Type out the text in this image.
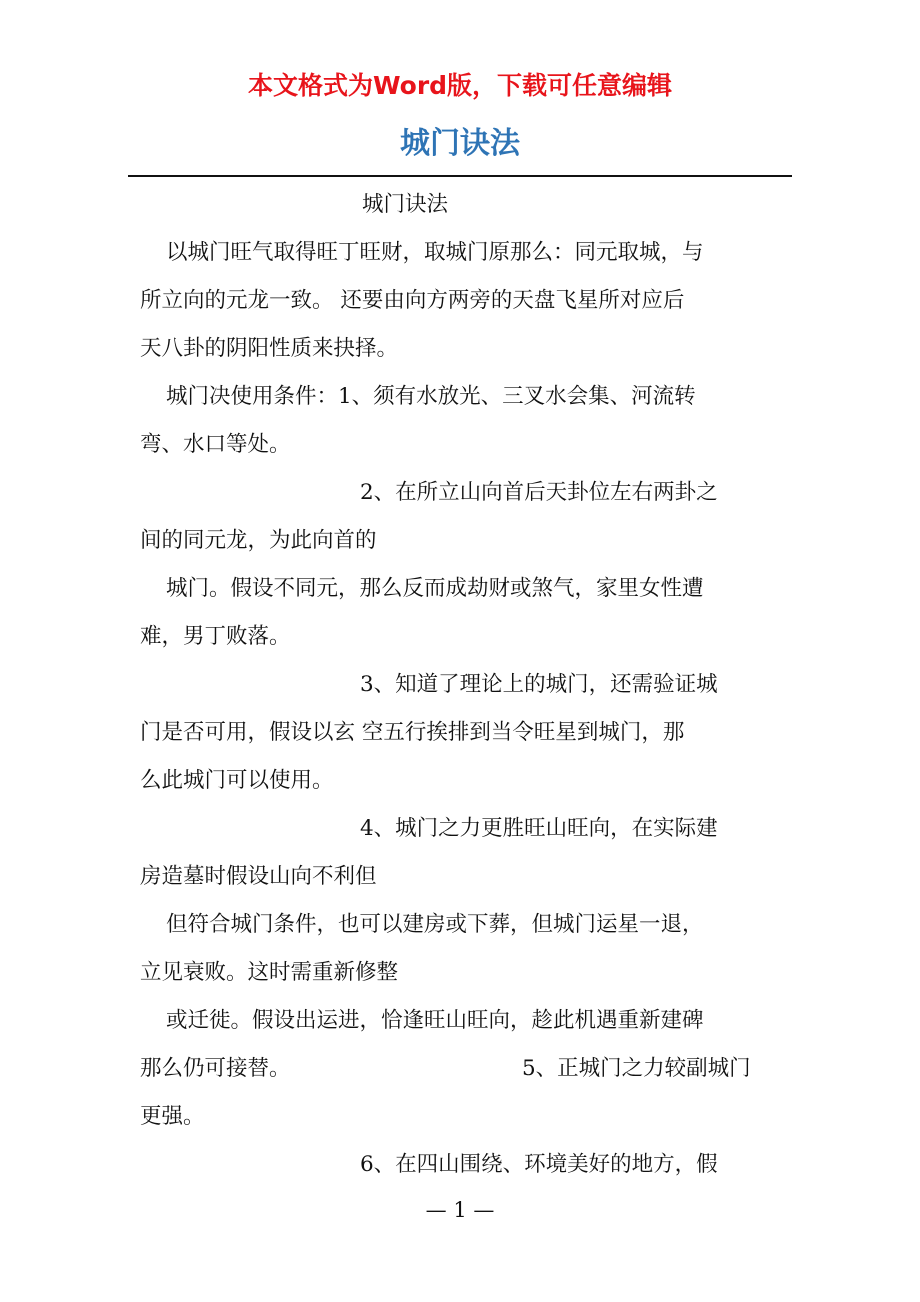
本文格式为Word版，下载可任意编辑
城门诀法
城门诀法
以城门旺气取得旺丁旺财，取城门原那么：同元取城，与
所立向的元龙一致。 还要由向方两旁的天盘飞星所对应后
天八卦的阴阳性质来抉择。
城门决使用条件：1、须有水放光、三叉水会集、河流转
弯、水口等处。
2、在所立山向首后天卦位左右两卦之
间的同元龙，为此向首的
城门。假设不同元，那么反而成劫财或煞气，家里女性遭
难，男丁败落。
3、知道了理论上的城门，还需验证城
门是否可用，假设以玄 空五行挨排到当令旺星到城门，那
么此城门可以使用。
4、城门之力更胜旺山旺向，在实际建
房造墓时假设山向不利但
但符合城门条件，也可以建房或下葬，但城门运星一退，
立见衰败。这时需重新修整
或迁徙。假设出运进，恰逢旺山旺向，趁此机遇重新建碑
那么仍可接替。	5、正城门之力较副城门
更强。
6、在四山围绕、环境美好的地方，假
— 1 —
